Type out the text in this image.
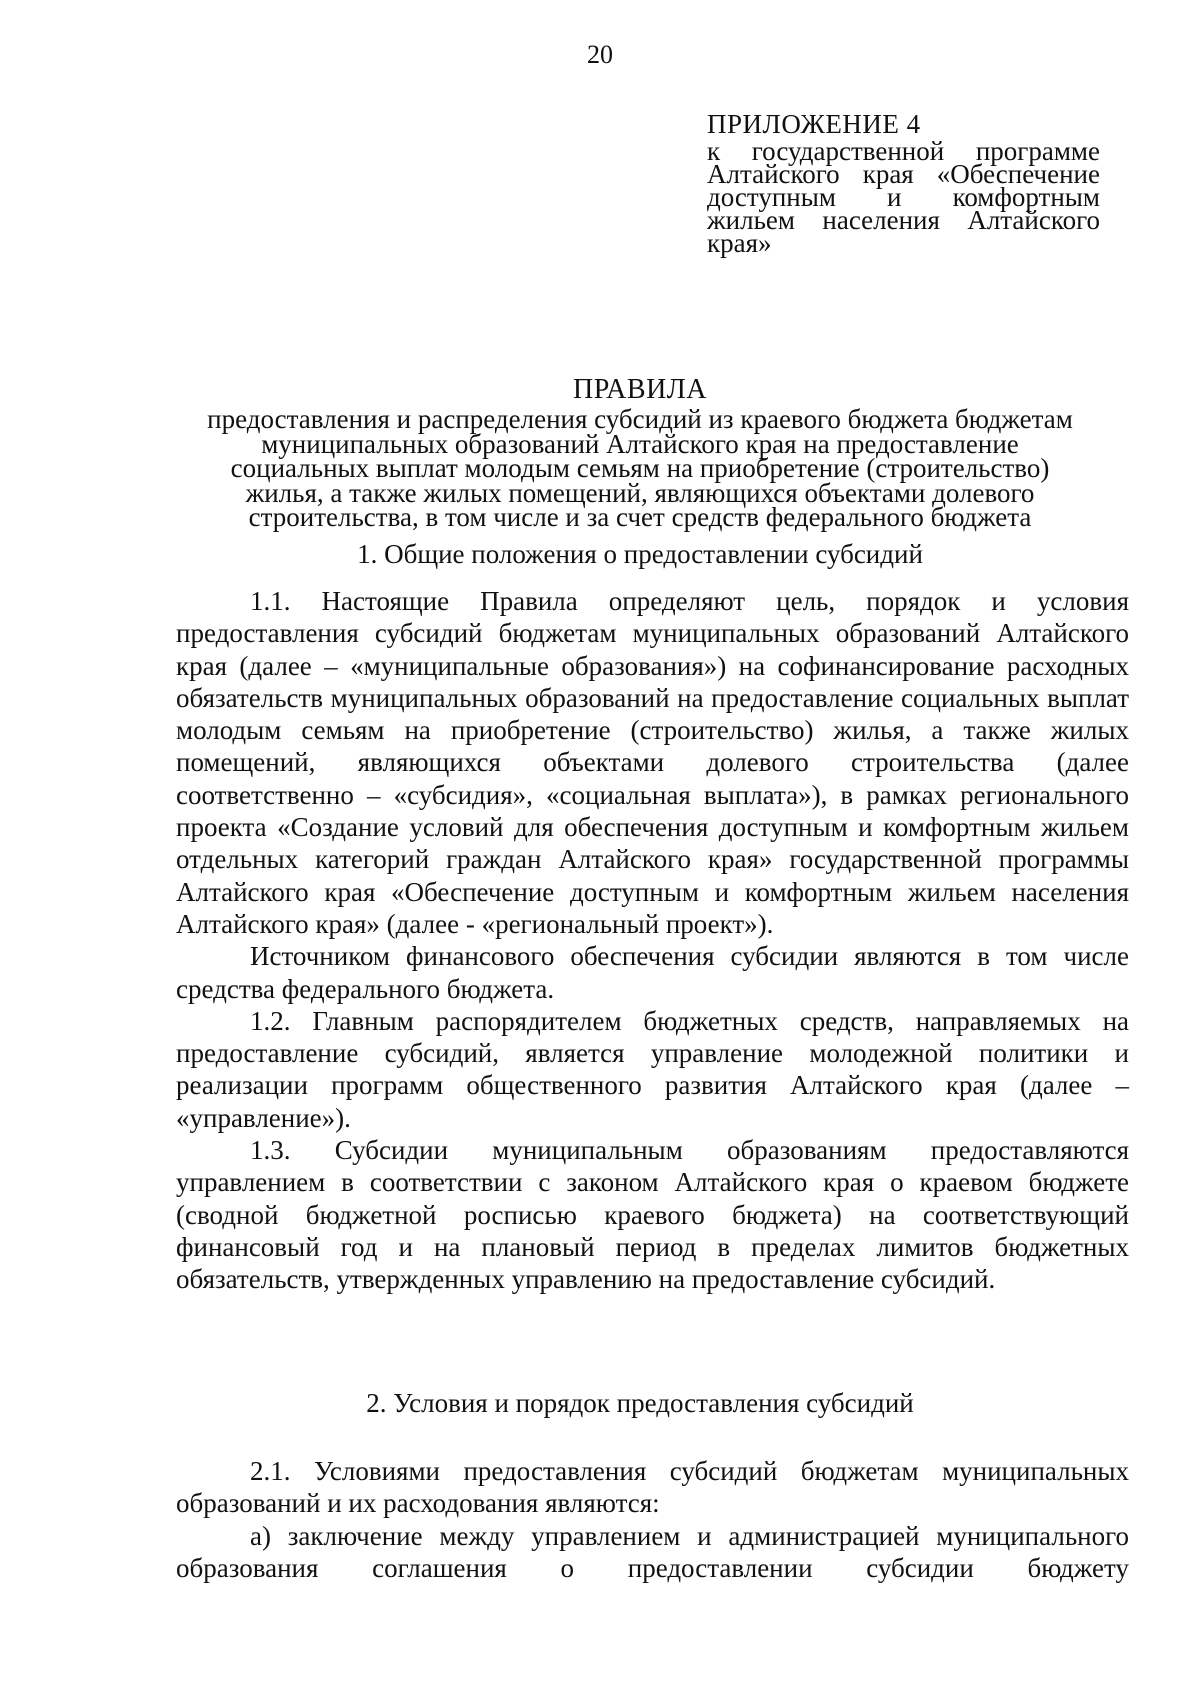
20
ПРИЛОЖЕНИЕ 4
к государственной программе Алтайского края «Обеспечение доступным и комфортным жильем населения Алтайского края»
ПРАВИЛА
предоставления и распределения субсидий из краевого бюджета бюджетам
муниципальных образований Алтайского края на предоставление
социальных выплат молодым семьям на приобретение (строительство)
жилья, а также жилых помещений, являющихся объектами долевого
строительства, в том числе и за счет средств федерального бюджета
1. Общие положения о предоставлении субсидий

1.1. Настоящие Правила определяют цель, порядок и условия предоставления субсидий бюджетам муниципальных образований Алтайского края (далее – «муниципальные образования») на софинансирование расходных обязательств муниципальных образований на предоставление социальных выплат молодым семьям на приобретение (строительство) жилья, а также жилых помещений, являющихся объектами долевого строительства (далее соответственно – «субсидия», «социальная выплата»), в рамках регионального проекта «Создание условий для обеспечения доступным и комфортным жильем отдельных категорий граждан Алтайского края» государственной программы Алтайского края «Обеспечение доступным и комфортным жильем населения Алтайского края» (далее - «региональный проект»).

Источником финансового обеспечения субсидии являются в том числе средства федерального бюджета.

1.2. Главным распорядителем бюджетных средств, направляемых на предоставление субсидий, является управление молодежной политики и реализации программ общественного развития Алтайского края (далее – «управление»).

1.3. Субсидии муниципальным образованиям предоставляются управлением в соответствии с законом Алтайского края о краевом бюджете (сводной бюджетной росписью краевого бюджета) на соответствующий финансовый год и на плановый период в пределах лимитов бюджетных обязательств, утвержденных управлению на предоставление субсидий.

2. Условия и порядок предоставления субсидий

2.1. Условиями предоставления субсидий бюджетам муниципальных образований и их расходования являются:

а) заключение между управлением и администрацией муниципального образования соглашения о предоставлении субсидии бюджету
